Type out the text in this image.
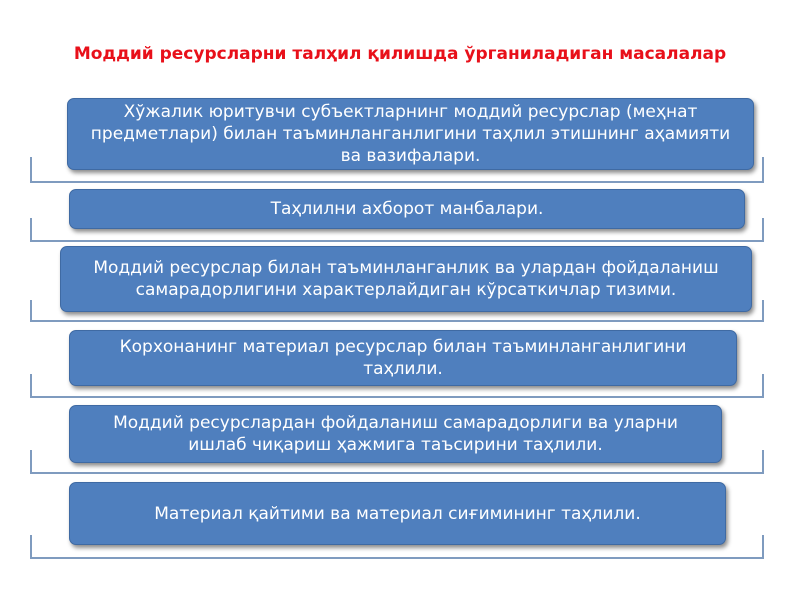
Моддий ресурсларни талҳил қилишда ўрганиладиган масалалар
Хўжалик юритувчи субъектларнинг моддий ресурслар (меҳнат предметлари) билан таъминланганлигини таҳлил этишнинг аҳамияти ва вазифалари.
Таҳлилни ахборот манбалари.
Моддий ресурслар билан таъминланганлик ва улардан фойдаланиш самарадорлигини характерлайдиган кўрсаткичлар тизими.
Корхонанинг материал ресурслар билан таъминланганлигини таҳлили.
Моддий ресурслардан фойдаланиш самарадорлиги ва уларни ишлаб чиқариш ҳажмига таъсирини таҳлили.
Материал қайтими ва материал сиғимининг таҳлили.
